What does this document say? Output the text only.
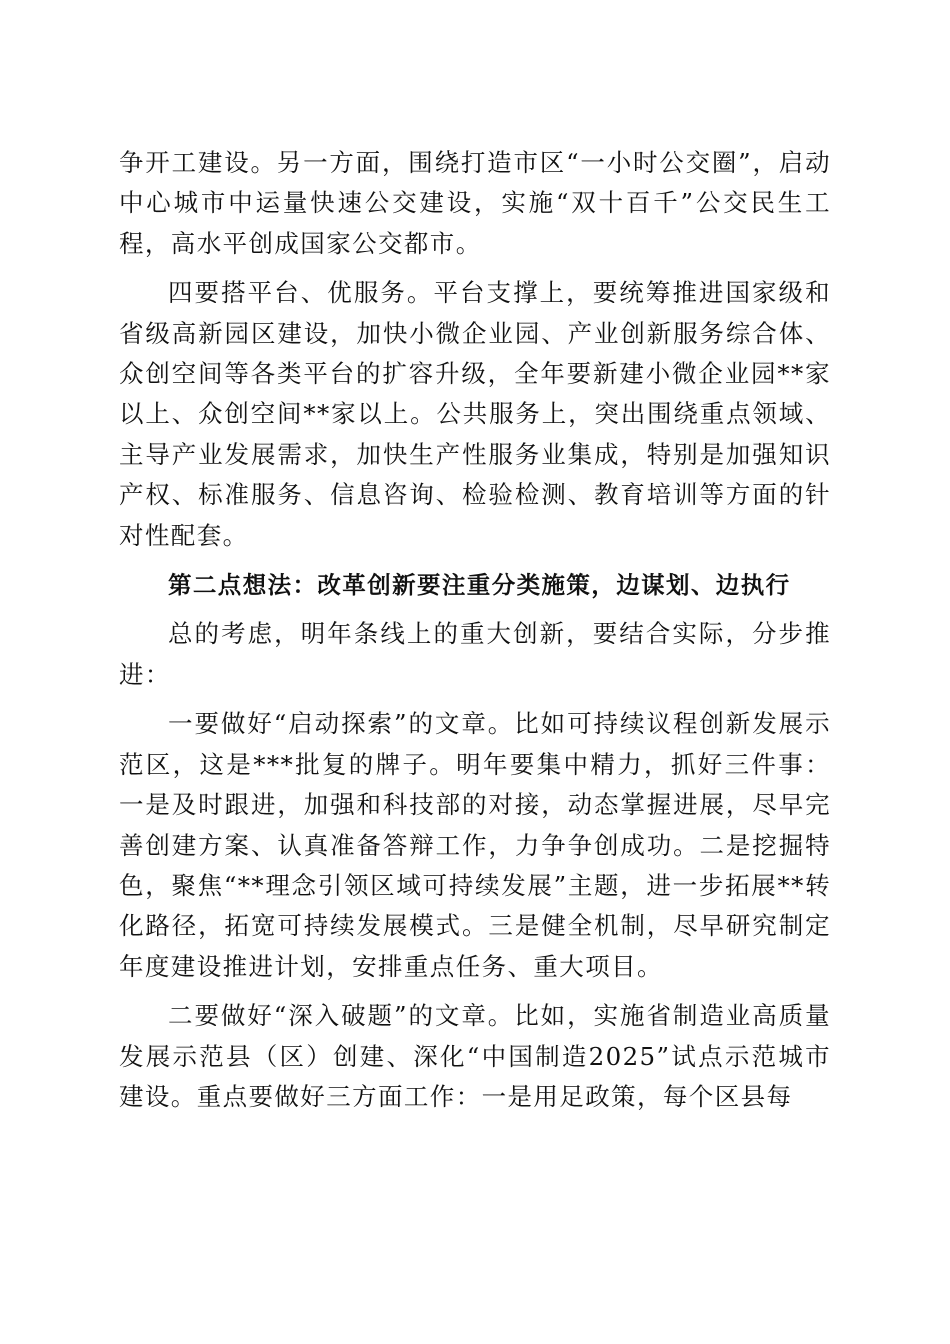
争开工建设。另一方面，围绕打造市区“一小时公交圈”，启动中心城市中运量快速公交建设，实施“双十百千”公交民生工程，高水平创成国家公交都市。

四要搭平台、优服务。平台支撑上，要统筹推进国家级和省级高新园区建设，加快小微企业园、产业创新服务综合体、众创空间等各类平台的扩容升级，全年要新建小微企业园**家以上、众创空间**家以上。公共服务上，突出围绕重点领域、主导产业发展需求，加快生产性服务业集成，特别是加强知识产权、标准服务、信息咨询、检验检测、教育培训等方面的针对性配套。

第二点想法：改革创新要注重分类施策，边谋划、边执行

总的考虑，明年条线上的重大创新，要结合实际，分步推进：

一要做好“启动探索”的文章。比如可持续议程创新发展示范区，这是***批复的牌子。明年要集中精力，抓好三件事：一是及时跟进，加强和科技部的对接，动态掌握进展，尽早完善创建方案、认真准备答辩工作，力争争创成功。二是挖掘特色，聚焦“**理念引领区域可持续发展”主题，进一步拓展**转化路径，拓宽可持续发展模式。三是健全机制，尽早研究制定年度建设推进计划，安排重点任务、重大项目。

二要做好“深入破题”的文章。比如，实施省制造业高质量发展示范县（区）创建、深化“中国制造2025”试点示范城市建设。重点要做好三方面工作：一是用足政策，每个区县每
